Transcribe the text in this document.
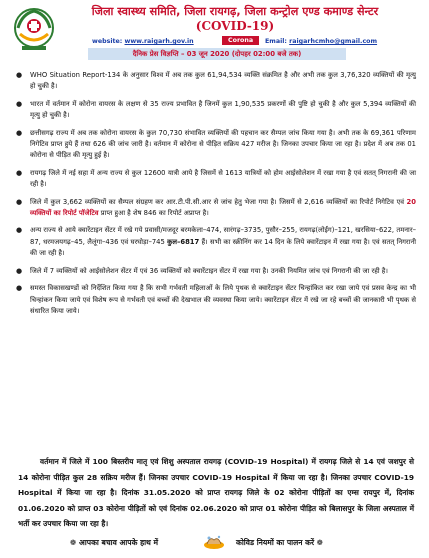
जिला स्वास्थ्य समिति, जिला रायगढ़, जिला कन्ट्रोल एण्ड कमाण्ड सेन्टर
(COVID-19)
website: www.raigarh.gov.in	Corona	Email: raigarhcmho@gmail.com
दैनिक प्रेस विज्ञप्ति – 03 जून 2020 (दोपहर 02:00 बजे तक)
● WHO Situation Report-134 के अनुसार विश्व में अब तक कुल 61,94,534 व्यक्ति संक्रमित है और अभी तक कुल 3,76,320 व्यक्तियों की मृत्यु हो चुकी है।
● भारत में वर्तमान में कोरोना वायरस के लक्षण से 35 राज्य प्रभावित है जिनमें कुल 1,90,535 प्रकरणों की पुष्टि हो चुकी है और कुल 5,394 व्यक्तियों की मृत्यु हो चुकी है।
● छत्तीसगढ़ राज्य में अब तक कोरोना वायरस के कुल 70,730 संभावित व्यक्तियों की पहचान कर सैम्पल जांच किया गया है। अभी तक के 69,361 परिणाम निगेटिव प्राप्त हुये हैं तथा 626 की जांच जारी है। वर्तमान में कोरोना से पीड़ित सक्रिय 427 मरीज है। जिनका उपचार किया जा रहा है। प्रदेश में अब तक 01 कोरोना से पीड़ित की मृत्यु हुई है।
● रायगढ़ जिले में नई सहा में अन्य राज्य से कुल 12600 यात्री आये है जिसमें से 1613 यात्रियों को होम आईसोलेशन में रखा गया है एवं सतत् निगरानी की जा रही है।
● जिले में कुल 3,662 व्यक्तियों का सैम्पल संग्रहण कर आर.टी.पी.सी.आर से जांच हेतु भेजा गया है। जिसमें से 2,616 व्यक्तियों का रिपोर्ट निगेटिव एवं 20 व्यक्तियों का रिपोर्ट पॉजेटिव प्राप्त हुआ है शेष 846 का रिपोर्ट अप्राप्त है।
● अन्य राज्य से आये क्वारेंटाइन सेंटर में रखे गये प्रवासी/मजदूर बरमकेला–474, सारंगढ़–3735, पुसौर–255, रायगढ़(लोईंग)–121, खरसिया–622, तमनार–87, धरमजयगढ़–45, लैलूंगा–436 एवं घरघोड़ा–745 कुल–6817 हैं। सभी का स्क्रीनिंग कर 14 दिन के लिये क्वारेंटाइन में रखा गया है। एवं सतत् निगरानी की जा रही है।
● जिले में 7 व्यक्तियों को आईसोलेशन सेंटर में एवं 36 व्यक्तियों को क्वारेंटाइन सेंटर में रखा गया है। उनकी नियमित जांच एवं निगरानी की जा रही है।
● समस्त विकासखण्डों को निर्देशित किया गया है कि सभी गर्भवती महिलाओं के लिये पृथक से क्वारेंटाइन सेंटर चिन्हांकित कर रखा जाये एवं प्रसव केन्द्र का भी चिन्हांकन किया जाये एवं विशेष रूप से गर्भवती एवं बच्चों की देखभाल की व्यवस्था किया जाये। क्वारेंटाइन सेंटर में रखे जा रहे बच्चों की जानकारी भी पृथक से संधारित किया जाये।

वर्तमान में जिले में 100 बिस्तरीय मातृ एवं शिशु अस्पताल रायगढ़ (COVID-19 Hospital) में रायगढ़ जिले से 14 एवं जशपुर से 14 कोरोना पीड़ित कुल 28 सक्रिय मरीज हैं। जिनका उपचार COVID-19 Hospital में किया जा रहा है। जिनका उपचार COVID-19 Hospital में किया जा रहा है। दिनांक 31.05.2020 को प्राप्त रायगढ़ जिले के 02 कोरोना पीड़ितों का एम्स रायपुर में, दिनांक 01.06.2020 को प्राप्त 03 कोरोना पीड़ितों को एवं दिनांक 02.06.2020 को प्राप्त 01 कोरोना पीड़ित को बिलासपुर के जिला अस्पताल में भर्ती कर उपचार किया जा रहा है।

❁ आपका बचाव आपके हाथ में	कोविड नियमों का पालन करें ❁
